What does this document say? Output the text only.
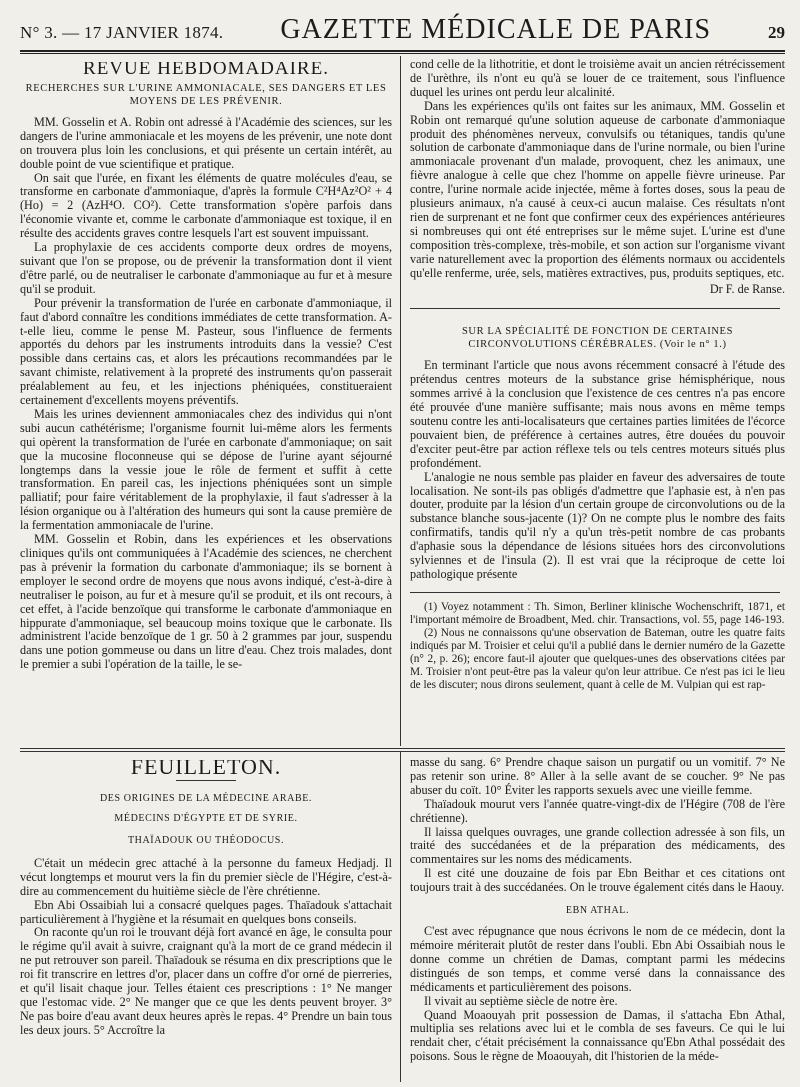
N° 3. — 17 JANVIER 1874. GAZETTE MÉDICALE DE PARIS	29
REVUE HEBDOMADAIRE.
RECHERCHES SUR L'URINE AMMONIACALE, SES DANGERS ET LES MOYENS DE LES PRÉVENIR.

MM. Gosselin et A. Robin ont adressé à l'Académie des sciences, sur les dangers de l'urine ammoniacale et les moyens de les prévenir, une note dont on trouvera plus loin les conclusions, et qui présente un certain intérêt, au double point de vue scientifique et pratique.

On sait que l'urée, en fixant les éléments de quatre molécules d'eau, se transforme en carbonate d'ammoniaque, d'après la formule C²H⁴Az²O² + 4 (Ho) = 2 (AzH⁴O. CO²). Cette transformation s'opère parfois dans l'économie vivante et, comme le carbonate d'ammoniaque est toxique, il en résulte des accidents graves contre lesquels l'art est souvent impuissant.

La prophylaxie de ces accidents comporte deux ordres de moyens, suivant que l'on se propose, ou de prévenir la transformation dont il vient d'être parlé, ou de neutraliser le carbonate d'ammoniaque au fur et à mesure qu'il se produit.

Pour prévenir la transformation de l'urée en carbonate d'ammoniaque, il faut d'abord connaître les conditions immédiates de cette transformation. A-t-elle lieu, comme le pense M. Pasteur, sous l'influence de ferments apportés du dehors par les instruments introduits dans la vessie? C'est possible dans certains cas, et alors les précautions recommandées par le savant chimiste, relativement à la propreté des instruments qu'on passerait préalablement au feu, et les injections phéniquées, constitueraient certainement d'excellents moyens préventifs.

Mais les urines deviennent ammoniacales chez des individus qui n'ont subi aucun cathétérisme; l'organisme fournit lui-même alors les ferments qui opèrent la transformation de l'urée en carbonate d'ammoniaque; on sait que la mucosine floconneuse qui se dépose de l'urine ayant séjourné longtemps dans la vessie joue le rôle de ferment et suffit à cette transformation. En pareil cas, les injections phéniquées sont un simple palliatif; pour faire véritablement de la prophylaxie, il faut s'adresser à la lésion organique ou à l'altération des humeurs qui sont la cause première de la fermentation ammoniacale de l'urine.

MM. Gosselin et Robin, dans les expériences et les observations cliniques qu'ils ont communiquées à l'Académie des sciences, ne cherchent pas à prévenir la formation du carbonate d'ammoniaque; ils se bornent à employer le second ordre de moyens que nous avons indiqué, c'est-à-dire à neutraliser le poison, au fur et à mesure qu'il se produit, et ils ont recours, à cet effet, à l'acide benzoïque qui transforme le carbonate d'ammoniaque en hippurate d'ammoniaque, sel beaucoup moins toxique que le carbonate. Ils administrent l'acide benzoïque de 1 gr. 50 à 2 grammes par jour, suspendu dans une potion gommeuse ou dans un litre d'eau. Chez trois malades, dont le premier a subi l'opération de la taille, le se-

cond celle de la lithotritie, et dont le troisième avait un ancien rétrécissement de l'urèthre, ils n'ont eu qu'à se louer de ce traitement, sous l'influence duquel les urines ont perdu leur alcalinité.

Dans les expériences qu'ils ont faites sur les animaux, MM. Gosselin et Robin ont remarqué qu'une solution aqueuse de carbonate d'ammoniaque produit des phénomènes nerveux, convulsifs ou tétaniques, tandis qu'une solution de carbonate d'ammoniaque dans de l'urine normale, ou bien l'urine ammoniacale provenant d'un malade, provoquent, chez les animaux, une fièvre analogue à celle que chez l'homme on appelle fièvre urineuse. Par contre, l'urine normale acide injectée, même à fortes doses, sous la peau de plusieurs animaux, n'a causé à ceux-ci aucun malaise. Ces résultats n'ont rien de surprenant et ne font que confirmer ceux des expériences antérieures si nombreuses qui ont été entreprises sur le même sujet. L'urine est d'une composition très-complexe, très-mobile, et son action sur l'organisme vivant varie naturellement avec la proportion des éléments normaux ou accidentels qu'elle renferme, urée, sels, matières extractives, pus, produits septiques, etc.

Dr F. de Ranse.

SUR LA SPÉCIALITÉ DE FONCTION DE CERTAINES CIRCONVOLUTIONS CÉRÉBRALES. (Voir le n° 1.)

En terminant l'article que nous avons récemment consacré à l'étude des prétendus centres moteurs de la substance grise hémisphérique, nous sommes arrivé à la conclusion que l'existence de ces centres n'a pas encore été prouvée d'une manière suffisante; mais nous avons en même temps soutenu contre les anti-localisateurs que certaines parties limitées de l'écorce pouvaient bien, de préférence à certaines autres, être douées du pouvoir d'exciter peut-être par action réflexe tels ou tels centres moteurs situés plus profondément.

L'analogie ne nous semble pas plaider en faveur des adversaires de toute localisation. Ne sont-ils pas obligés d'admettre que l'aphasie est, à n'en pas douter, produite par la lésion d'un certain groupe de circonvolutions ou de la substance blanche sous-jacente (1)? On ne compte plus le nombre des faits confirmatifs, tandis qu'il n'y a qu'un très-petit nombre de cas probants d'aphasie sous la dépendance de lésions situées hors des circonvolutions sylviennes et de l'insula (2). Il est vrai que la réciproque de cette loi pathologique présente

(1) Voyez notamment : Th. Simon, Berliner klinische Wochenschrift, 1871, et l'important mémoire de Broadbent, Med. chir. Transactions, vol. 55, page 146-193.

(2) Nous ne connaissons qu'une observation de Bateman, outre les quatre faits indiqués par M. Troisier et celui qu'il a publié dans le dernier numéro de la Gazette (n° 2, p. 26); encore faut-il ajouter que quelques-unes des observations citées par M. Troisier n'ont peut-être pas la valeur qu'on leur attribue. Ce n'est pas ici le lieu de les discuter; nous dirons seulement, quant à celle de M. Vulpian qui est rap-

FEUILLETON.
DES ORIGINES DE LA MÉDECINE ARABE.
MÉDECINS D'ÉGYPTE ET DE SYRIE.
THAÏADOUK OU THÉODOCUS.

C'était un médecin grec attaché à la personne du fameux Hedjadj. Il vécut longtemps et mourut vers la fin du premier siècle de l'Hégire, c'est-à-dire au commencement du huitième siècle de l'ère chrétienne.

Ebn Abi Ossaibiah lui a consacré quelques pages. Thaïadouk s'attachait particulièrement à l'hygiène et la résumait en quelques bons conseils.

On raconte qu'un roi le trouvant déjà fort avancé en âge, le consulta pour le régime qu'il avait à suivre, craignant qu'à la mort de ce grand médecin il ne put retrouver son pareil. Thaïadouk se résuma en dix prescriptions que le roi fit transcrire en lettres d'or, placer dans un coffre d'or orné de pierreries, et qu'il lisait chaque jour. Telles étaient ces prescriptions : 1° Ne manger que l'estomac vide. 2° Ne manger que ce que les dents peuvent broyer. 3° Ne pas boire d'eau avant deux heures après le repas. 4° Prendre un bain tous les deux jours. 5° Accroître la

masse du sang. 6° Prendre chaque saison un purgatif ou un vomitif. 7° Ne pas retenir son urine. 8° Aller à la selle avant de se coucher. 9° Ne pas abuser du coït. 10° Éviter les rapports sexuels avec une vieille femme.

Thaïadouk mourut vers l'année quatre-vingt-dix de l'Hégire (708 de l'ère chrétienne).

Il laissa quelques ouvrages, une grande collection adressée à son fils, un traité des succédanées et de la préparation des médicaments, des commentaires sur les noms des médicaments.

Il est cité une douzaine de fois par Ebn Beithar et ces citations ont toujours trait à des succédanées. On le trouve également cités dans le Haouy.

EBN ATHAL.

C'est avec répugnance que nous écrivons le nom de ce médecin, dont la mémoire mériterait plutôt de rester dans l'oubli. Ebn Abi Ossaibiah nous le donne comme un chrétien de Damas, comptant parmi les médecins distingués de son temps, et comme versé dans la connaissance des médicaments et particulièrement des poisons.

Il vivait au septième siècle de notre ère.

Quand Moaouyah prit possession de Damas, il s'attacha Ebn Athal, multiplia ses relations avec lui et le combla de ses faveurs. Ce qui le lui rendait cher, c'était précisément la connaissance qu'Ebn Athal possédait des poisons. Sous le règne de Moaouyah, dit l'historien de la méde-
